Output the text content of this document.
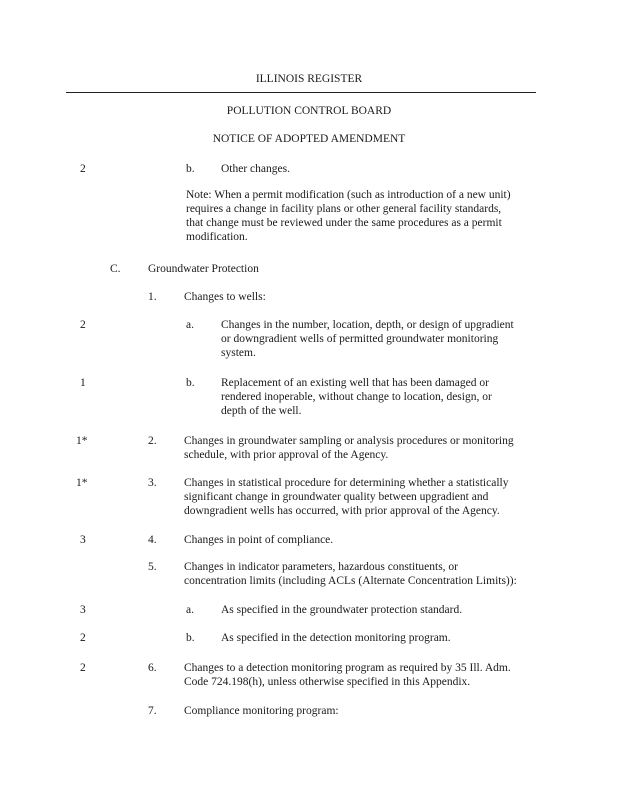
ILLINOIS REGISTER
POLLUTION CONTROL BOARD
NOTICE OF ADOPTED AMENDMENT
2	b. Other changes.
Note: When a permit modification (such as introduction of a new unit)
requires a change in facility plans or other general facility standards,
that change must be reviewed under the same procedures as a permit
modification.
C. Groundwater Protection
1. Changes to wells:
2	a. Changes in the number, location, depth, or design of upgradient
or downgradient wells of permitted groundwater monitoring
system.
1	b. Replacement of an existing well that has been damaged or
rendered inoperable, without change to location, design, or
depth of the well.
1*	2. Changes in groundwater sampling or analysis procedures or monitoring
schedule, with prior approval of the Agency.
1*	3. Changes in statistical procedure for determining whether a statistically
significant change in groundwater quality between upgradient and
downgradient wells has occurred, with prior approval of the Agency.
3	4. Changes in point of compliance.
5. Changes in indicator parameters, hazardous constituents, or
concentration limits (including ACLs (Alternate Concentration Limits)):
3	a. As specified in the groundwater protection standard.
2	b. As specified in the detection monitoring program.
2	6. Changes to a detection monitoring program as required by 35 Ill. Adm.
Code 724.198(h), unless otherwise specified in this Appendix.
7. Compliance monitoring program:
